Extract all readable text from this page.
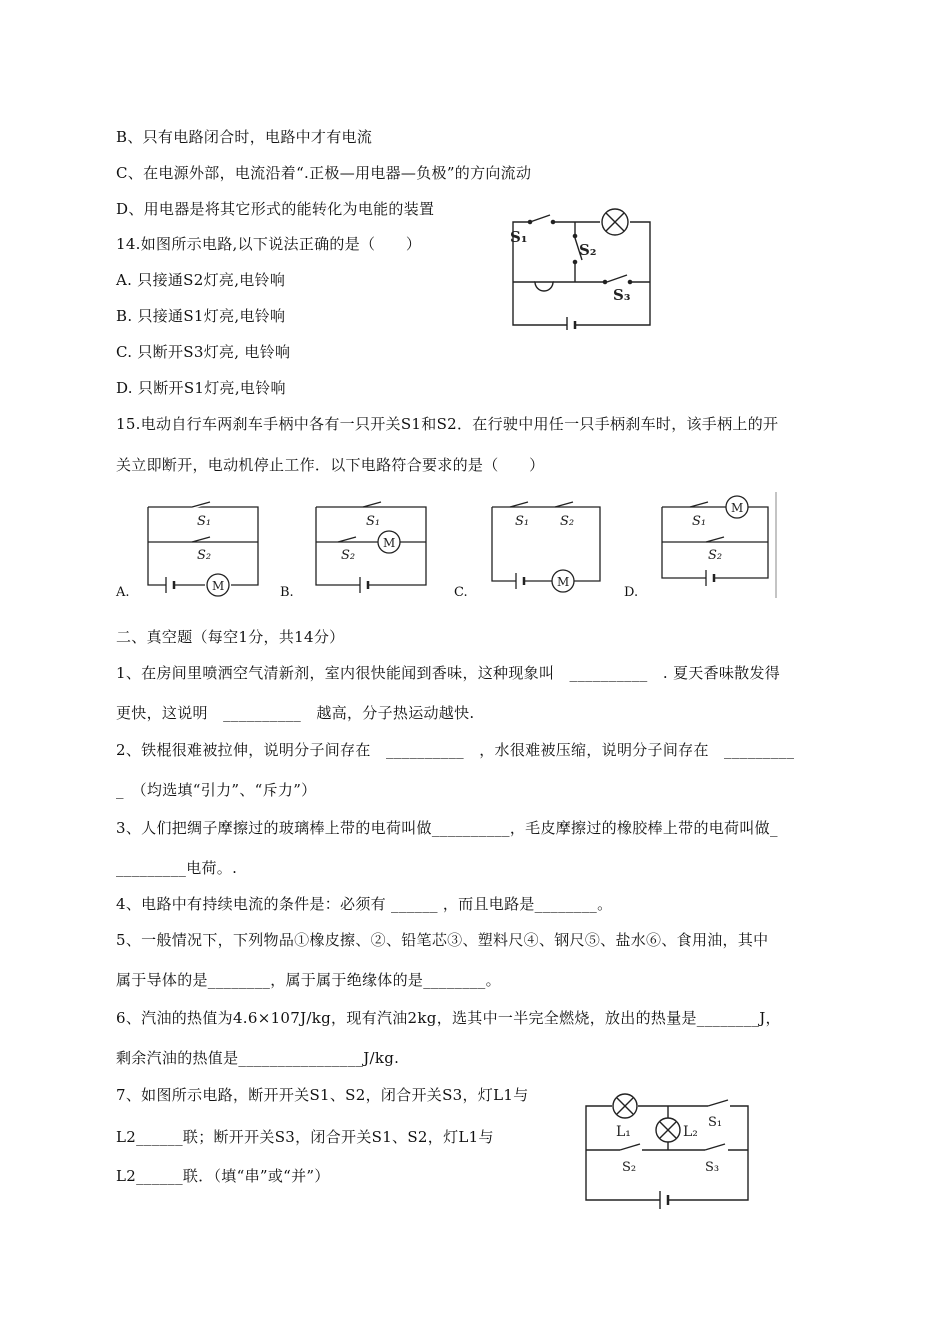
B、只有电路闭合时，电路中才有电流
C、在电源外部，电流沿着“.正极—用电器—负极”的方向流动
D、用电器是将其它形式的能转化为电能的装置
14.如图所示电路,以下说法正确的是（　　）
A. 只接通S2灯亮,电铃响
B. 只接通S1灯亮,电铃响
C. 只断开S3灯亮, 电铃响
D. 只断开S1灯亮,电铃响
15.电动自行车两刹车手柄中各有一只开关S1和S2．在行驶中用任一只手柄刹车时，该手柄上的开
关立即断开，电动机停止工作．以下电路符合要求的是（　　）
二、真空题（每空1分，共14分）
1、在房间里喷洒空气清新剂，室内很快能闻到香味，这种现象叫　__________　. 夏天香味散发得
更快，这说明　__________　越高，分子热运动越快.
2、铁棍很难被拉伸，说明分子间存在　__________　，水很难被压缩，说明分子间存在　_________
_　（均选填“引力”、“斥力”）
3、人们把绸子摩擦过的玻璃棒上带的电荷叫做__________，毛皮摩擦过的橡胶棒上带的电荷叫做_
_________电荷。.
4、电路中有持续电流的条件是：必须有 ______ ，而且电路是________。
5、一般情况下，下列物品①橡皮擦、②、铅笔芯③、塑料尺④、钢尺⑤、盐水⑥、食用油，其中
属于导体的是________，属于属于绝缘体的是________。
6、汽油的热值为4.6×107J/kg，现有汽油2kg，选其中一半完全燃烧，放出的热量是________J，
剩余汽油的热值是________________J/kg.
7、如图所示电路，断开开关S1、S2，闭合开关S3，灯L1与
L2______联；断开开关S3，闭合开关S1、S2，灯L1与
L2______联．（填“串”或“并”）
S₁
S₂
S₃
M
S₁
S₂
A.
M
S₁
S₂
B.
M
S₁ S₂
C.
M
S₁
S₂
D.
L₁	L₂
S₁
S₂	S₃
